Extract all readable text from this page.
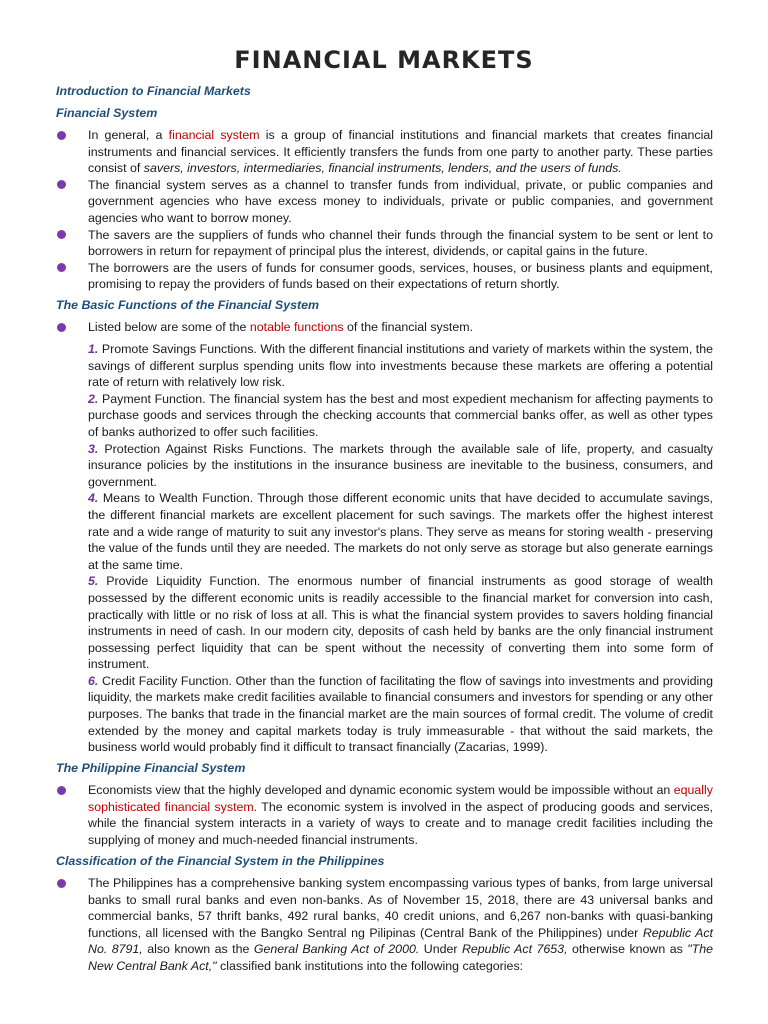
FINANCIAL MARKETS
Introduction to Financial Markets
Financial System
In general, a financial system is a group of financial institutions and financial markets that creates financial instruments and financial services. It efficiently transfers the funds from one party to another party. These parties consist of savers, investors, intermediaries, financial instruments, lenders, and the users of funds.
The financial system serves as a channel to transfer funds from individual, private, or public companies and government agencies who have excess money to individuals, private or public companies, and government agencies who want to borrow money.
The savers are the suppliers of funds who channel their funds through the financial system to be sent or lent to borrowers in return for repayment of principal plus the interest, dividends, or capital gains in the future.
The borrowers are the users of funds for consumer goods, services, houses, or business plants and equipment, promising to repay the providers of funds based on their expectations of return shortly.
The Basic Functions of the Financial System
Listed below are some of the notable functions of the financial system.
1. Promote Savings Functions. With the different financial institutions and variety of markets within the system, the savings of different surplus spending units flow into investments because these markets are offering a potential rate of return with relatively low risk.
2. Payment Function. The financial system has the best and most expedient mechanism for affecting payments to purchase goods and services through the checking accounts that commercial banks offer, as well as other types of banks authorized to offer such facilities.
3. Protection Against Risks Functions. The markets through the available sale of life, property, and casualty insurance policies by the institutions in the insurance business are inevitable to the business, consumers, and government.
4. Means to Wealth Function. Through those different economic units that have decided to accumulate savings, the different financial markets are excellent placement for such savings. The markets offer the highest interest rate and a wide range of maturity to suit any investor's plans. They serve as means for storing wealth - preserving the value of the funds until they are needed. The markets do not only serve as storage but also generate earnings at the same time.
5. Provide Liquidity Function. The enormous number of financial instruments as good storage of wealth possessed by the different economic units is readily accessible to the financial market for conversion into cash, practically with little or no risk of loss at all. This is what the financial system provides to savers holding financial instruments in need of cash. In our modern city, deposits of cash held by banks are the only financial instrument possessing perfect liquidity that can be spent without the necessity of converting them into some form of instrument.
6. Credit Facility Function. Other than the function of facilitating the flow of savings into investments and providing liquidity, the markets make credit facilities available to financial consumers and investors for spending or any other purposes. The banks that trade in the financial market are the main sources of formal credit. The volume of credit extended by the money and capital markets today is truly immeasurable - that without the said markets, the business world would probably find it difficult to transact financially (Zacarias, 1999).
The Philippine Financial System
Economists view that the highly developed and dynamic economic system would be impossible without an equally sophisticated financial system. The economic system is involved in the aspect of producing goods and services, while the financial system interacts in a variety of ways to create and to manage credit facilities including the supplying of money and much-needed financial instruments.
Classification of the Financial System in the Philippines
The Philippines has a comprehensive banking system encompassing various types of banks, from large universal banks to small rural banks and even non-banks. As of November 15, 2018, there are 43 universal banks and commercial banks, 57 thrift banks, 492 rural banks, 40 credit unions, and 6,267 non-banks with quasi-banking functions, all licensed with the Bangko Sentral ng Pilipinas (Central Bank of the Philippines) under Republic Act No. 8791, also known as the General Banking Act of 2000. Under Republic Act 7653, otherwise known as "The New Central Bank Act," classified bank institutions into the following categories:
